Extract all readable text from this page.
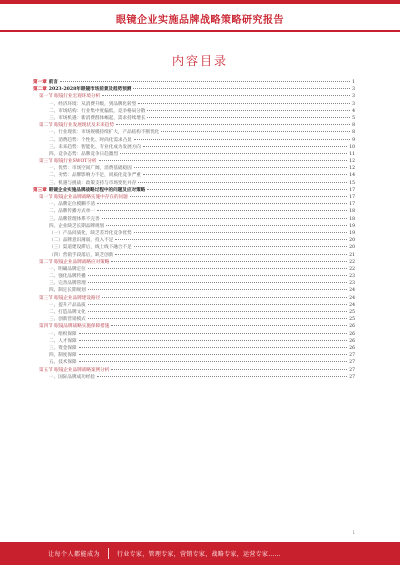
眼镜企业实施品牌战略策略研究报告
内容目录
第一章 前言	1
第二章 2023-2028年眼镜市场前景及趋势预测	3
第一节 眼镜行业宏观环境分析	3
一、经济环境：从消费升级，到品牌化转型	3
二、市场结构：行业集中度偏低，竞争格局分散	4
三、市场机遇：新消费群体崛起，需求持续增长	5
第二节 眼镜行业发展现状及未来趋势	8
一、行业现状：市场规模持续扩大，产品结构不断优化	8
二、消费趋势：个性化、时尚化需求凸显	9
三、未来趋势：智能化、专业化成为发展方向	10
四、竞争态势：品牌竞争日趋激烈	11
第三节 眼镜行业SWOT分析	12
一、优势：市场空间广阔，消费基础稳固	12
二、劣势：品牌影响力不足，同质化竞争严重	14
三、机遇与挑战：政策支持与市场变化并存	15
第三章 眼镜企业实施品牌战略过程中的问题及应对策略	17
第一节 眼镜企业品牌战略实施中存在的问题	17
一、品牌定位模糊不清	17
二、品牌传播方式单一	18
三、品牌管理体系不完善	18
四、企业缺乏长期品牌规划	19
（一）产品同质化，缺乏差异化竞争优势	19
（二）品牌意识薄弱，投入不足	20
（三）渠道建设滞后，线上线下融合不足	20
（四）营销手段落后，缺乏创新	21
第二节 眼镜企业品牌战略应对策略	22
一、明确品牌定位	22
二、强化品牌传播	23
三、完善品牌管理	23
四、制定长期规划	24
第三节 眼镜企业品牌建设路径	24
一、提升产品品质	24
二、打造品牌文化	25
三、创新营销模式	25
第四节 眼镜品牌战略实施保障措施	26
一、组织保障	26
二、人才保障	26
三、资金保障	26
四、制度保障	27
五、技术保障	27
第五节 眼镜企业品牌战略案例分析	27
一、国际品牌成功经验	27
1
让每个人都能成为	行业专家，管理专家，营销专家，战略专家，运营专家……
